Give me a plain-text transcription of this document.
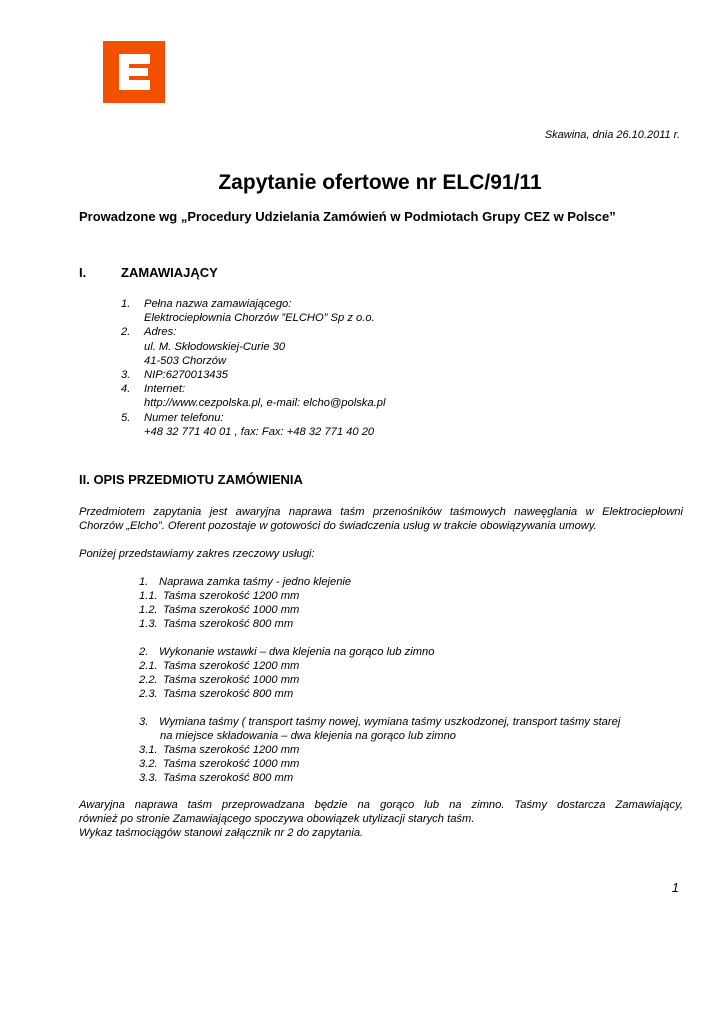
Skawina, dnia 26.10.2011 r.
Zapytanie ofertowe nr ELC/91/11
Prowadzone wg „Procedury Udzielania Zamówień w Podmiotach Grupy CEZ w Polsce”
I.	ZAMAWIAJĄCY
1. Pełna nazwa zamawiającego:
Elektrociepłownia Chorzów ”ELCHO” Sp z o.o.
2. Adres:
ul. M. Skłodowskiej-Curie 30
41-503 Chorzów
3. NIP:6270013435
4. Internet:
http://www.cezpolska.pl, e-mail: elcho@polska.pl
5. Numer telefonu:
+48 32 771 40 01 , fax: Fax: +48 32 771 40 20
II. OPIS PRZEDMIOTU ZAMÓWIENIA
Przedmiotem zapytania jest awaryjna naprawa taśm przenośników taśmowych naweęglania w Elektrociepłowni
Chorzów „Elcho”. Oferent pozostaje w gotowości do świadczenia usług w trakcie obowiązywania umowy.
Poniżej przedstawiamy zakres rzeczowy usługi:
1. Naprawa zamka taśmy - jedno klejenie
1.1. Taśma szerokość 1200 mm
1.2. Taśma szerokość 1000 mm
1.3. Taśma szerokość 800 mm
2. Wykonanie wstawki – dwa klejenia na gorąco lub zimno
2.1. Taśma szerokość 1200 mm
2.2. Taśma szerokość 1000 mm
2.3. Taśma szerokość 800 mm
3. Wymiana taśmy ( transport taśmy nowej, wymiana taśmy uszkodzonej, transport taśmy starej
na miejsce składowania – dwa klejenia na gorąco lub zimno
3.1. Taśma szerokość 1200 mm
3.2. Taśma szerokość 1000 mm
3.3. Taśma szerokość 800 mm
Awaryjna naprawa taśm przeprowadzana będzie na gorąco lub na zimno. Taśmy dostarcza Zamawiający,
również po stronie Zamawiającego spoczywa obowiązek utylizacji starych taśm.
Wykaz taśmociągów stanowi załącznik nr 2 do zapytania.
1
